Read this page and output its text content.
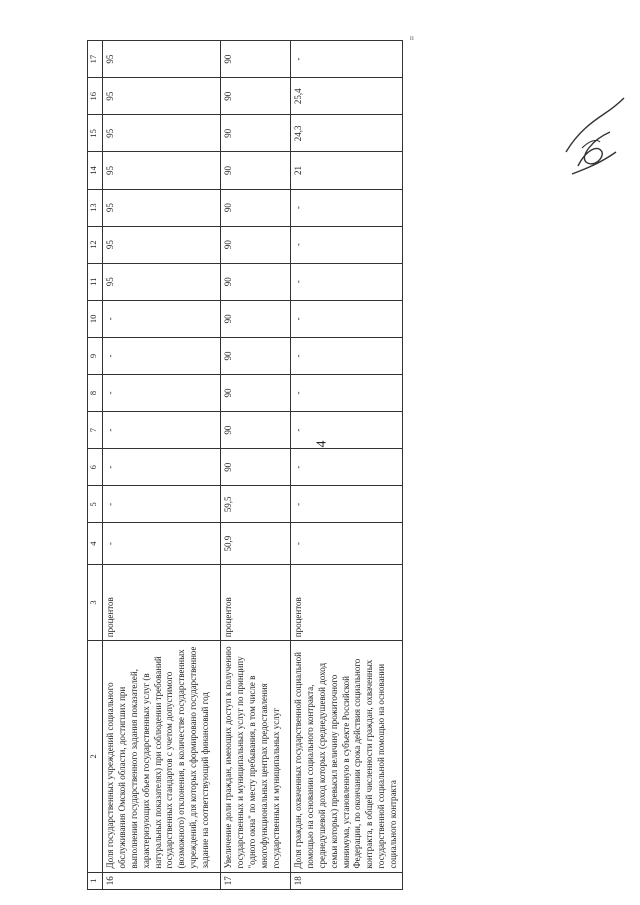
4
п
1	2	3	4	5	6	7	8	9	10	11	12	13	14	15	16	17
16	Доля государственных учреждений социального обслуживания Омской области, достигших при выполнении государственного задания показателей, характеризующих объем государственных услуг (в натуральных показателях) при соблюдении требований государственных стандартов с учетом допустимого (возможного) отклонения, в количестве государственных учреждений, для которых сформировано государственное задание на соответствующий финансовый год	процентов	-	-	-	-	-	-	-	95	95	95	95	95	95	95
17	Увеличение доли граждан, имеющих доступ к получению государственных и муниципальных услуг по принципу "одного окна" по месту пребывания, в том числе в многофункциональных центрах предоставления государственных и муниципальных услуг	процентов	50,9	59,5	90	90	90	90	90	90	90	90	90	90	90	90
18	Доля граждан, охваченных государственной социальной помощью на основании социального контракта, среднедушевой доход которых (среднедушевой доход семьи которых) превысил величину прожиточного минимума, установленную в субъекте Российской Федерации, по окончании срока действия социального контракта, в общей численности граждан, охваченных государственной социальной помощью на основании социального контракта	процентов	-	-	-	-	-	-	-	-	-	-	21	24,3	25,4	-
